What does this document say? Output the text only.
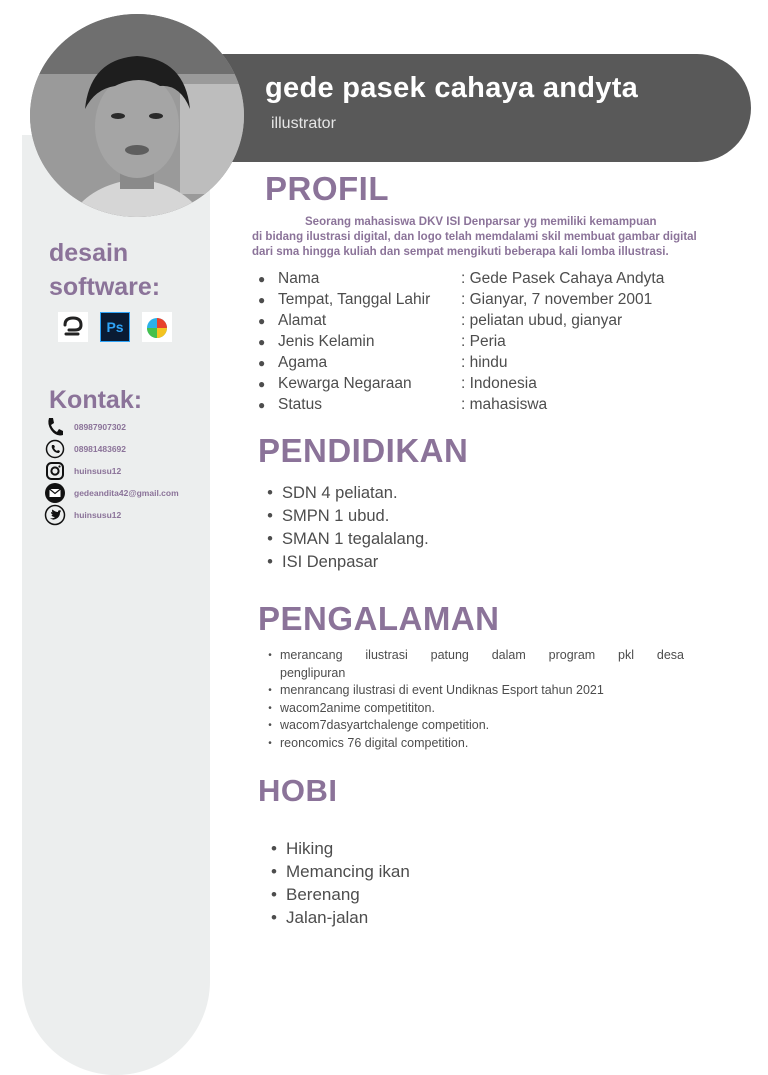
gede pasek cahaya andyta
illustrator
desain
software:
Ps
Kontak:
08987907302
08981483692
huinsusu12
gedeandita42@gmail.com
huinsusu12
PROFIL
Seorang mahasiswa DKV ISI Denparsar yg memiliki kemampuan
di bidang ilustrasi digital, dan logo telah memdalami skil membuat gambar digital
dari sma hingga kuliah dan sempat mengikuti beberapa kali lomba illustrasi.
● Nama	: Gede Pasek Cahaya Andyta
● Tempat, Tanggal Lahir	: Gianyar, 7 november 2001
● Alamat	: peliatan ubud, gianyar
● Jenis Kelamin	: Peria
● Agama	: hindu
● Kewarga Negaraan	: Indonesia
● Status	: mahasiswa
PENDIDIKAN
• SDN 4 peliatan.
• SMPN 1 ubud.
• SMAN 1 tegalalang.
• ISI Denpasar
PENGALAMAN
• merancang ilustrasi patung dalam program pkl desa
penglipuran
• menrancang ilustrasi di event Undiknas Esport tahun 2021
• wacom2anime competititon.
• wacom7dasyartchalenge competition.
• reoncomics 76 digital competition.
HOBI
• Hiking
• Memancing ikan
• Berenang
• Jalan-jalan
